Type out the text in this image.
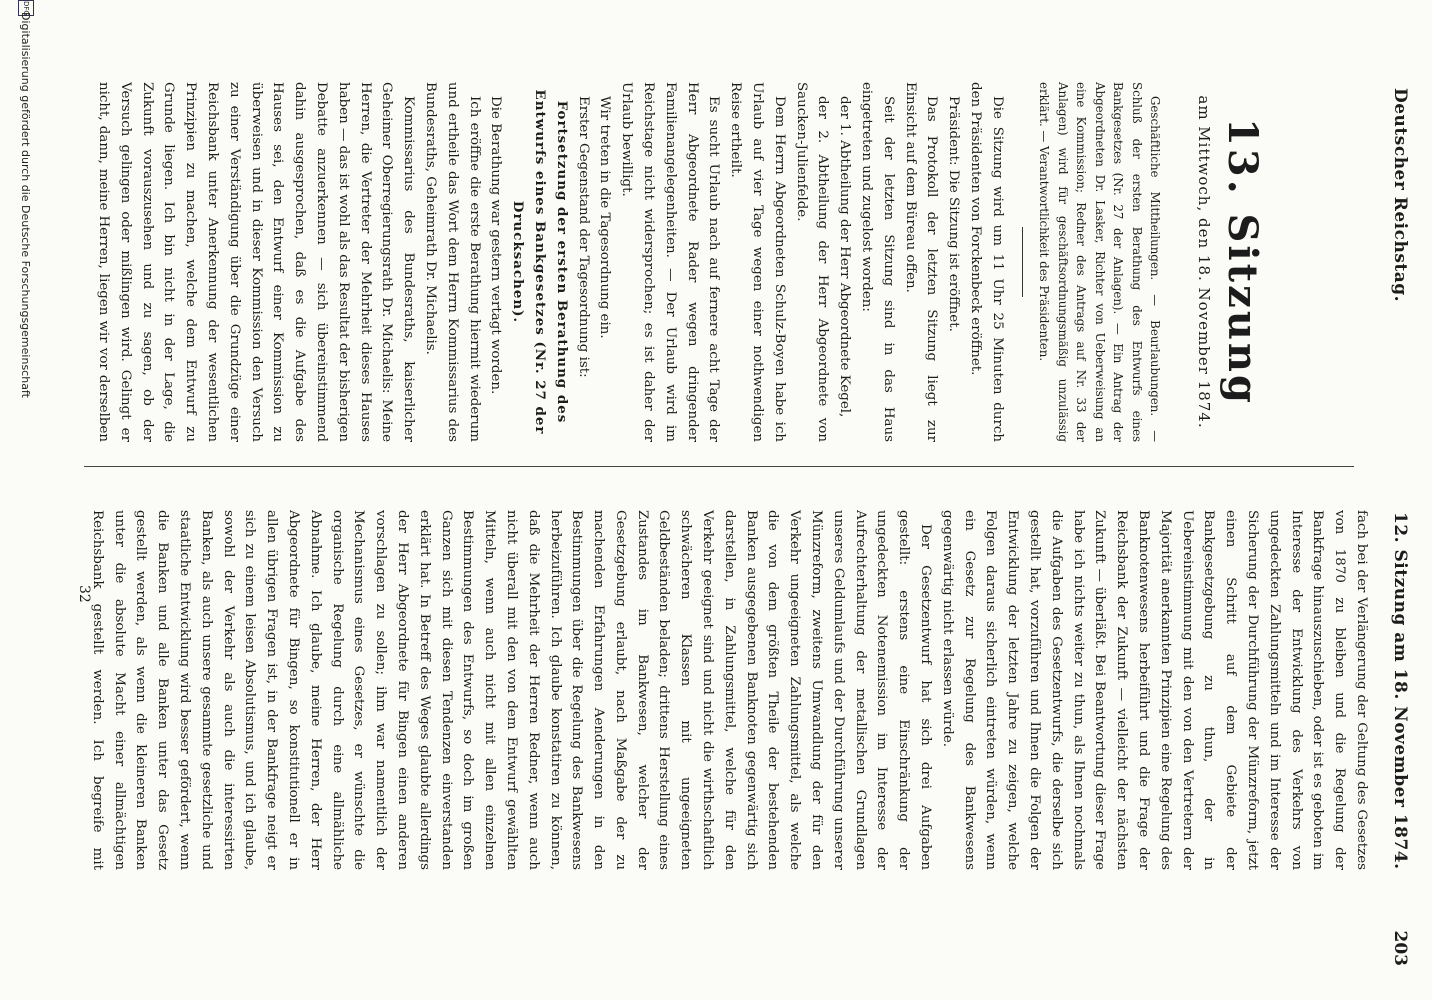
Deutscher Reichstag.
12. Sitzung am 18. November 1874.
203
13. Sitzung
am Mittwoch, den 18. November 1874.

Geschäftliche Mittheilungen. — Beurlaubungen. — Schluß der ersten Berathung des Entwurfs eines Bankgesetzes (Nr. 27 der Anlagen). — Ein Antrag der Abgeordneten Dr. Lasker, Richter von Ueberweisung an eine Kommission; Redner des Antrags auf Nr. 33 der Anlagen) wird für geschäftsordnungsmäßig unzulässig erklärt. — Verantwortlichkeit des Präsidenten.

Die Sitzung wird um 11 Uhr 25 Minuten durch den Präsidenten von Forckenbeck eröffnet.

Präsident: Die Sitzung ist eröffnet.

Das Protokoll der letzten Sitzung liegt zur Einsicht auf dem Büreau offen.

Seit der letzten Sitzung sind in das Haus eingetreten und zugelost worden:

der 1. Abtheilung der Herr Abgeordnete Kegel,

der 2. Abtheilung der Herr Abgeordnete von Saucken-Julienfelde.

Dem Herrn Abgeordneten Schulz-Boyen habe ich Urlaub auf vier Tage wegen einer nothwendigen Reise ertheilt.

Es sucht Urlaub nach auf fernere acht Tage der Herr Abgeordnete Rader wegen dringender Familienangelegenheiten. — Der Urlaub wird im Reichstage nicht widersprochen; es ist daher der Urlaub bewilligt.

Wir treten in die Tagesordnung ein.

Erster Gegenstand der Tagesordnung ist:

Fortsetzung der ersten Berathung des Entwurfs eines Bankgesetzes (Nr. 27 der Drucksachen).

Die Berathung war gestern vertagt worden.

Ich eröffne die erste Berathung hiermit wiederum und ertheile das Wort dem Herrn Kommissarius des Bundesraths, Geheimrath Dr. Michaelis.

Kommissarius des Bundesraths, kaiserlicher Geheimer Oberregierungsrath Dr. Michaelis: Meine Herren, die Vertreter der Mehrheit dieses Hauses haben — das ist wohl als das Resultat der bisherigen Debatte anzuerkennen — sich übereinstimmend dahin ausgesprochen, daß es die Aufgabe des Hauses sei, den Entwurf einer Kommission zu überweisen und in dieser Kommission den Versuch zu einer Verständigung über die Grundzüge einer Reichsbank unter Anerkennung der wesentlichen Prinzipien zu machen, welche dem Entwurf zu Grunde liegen. Ich bin nicht in der Lage, die Zukunft vorauszusehen und zu sagen, ob der Versuch gelingen oder mißlingen wird. Gelingt er nicht, dann, meine Herren, liegen wir vor derselben

fach bei der Verlängerung der Geltung des Gesetzes von 1870 zu bleiben und die Regelung der Bankfrage hinauszuschieben, oder ist es geboten im Interesse der Entwicklung des Verkehrs von ungedeckten Zahlungsmitteln und im Interesse der Sicherung der Durchführung der Münzreform, jetzt einen Schritt auf dem Gebiete der Bankgesetzgebung zu thun, der in Uebereinstimmung mit den von den Vertretern der Majorität anerkannten Prinzipien eine Regelung des Banknotenwesens herbeiführt und die Frage der Reichsbank der Zukunft — vielleicht der nächsten Zukunft — überläßt. Bei Beantwortung dieser Frage habe ich nichts weiter zu thun, als Ihnen nochmals die Aufgaben des Gesetzentwurfs, die derselbe sich gestellt hat, vorzuführen und Ihnen die Folgen der Entwicklung der letzten Jahre zu zeigen, welche Folgen daraus sicherlich eintreten würden, wenn ein Gesetz zur Regelung des Bankwesens gegenwärtig nicht erlassen würde.

Der Gesetzentwurf hat sich drei Aufgaben gestellt: erstens eine Einschränkung der ungedeckten Notenemission im Interesse der Aufrechterhaltung der metallischen Grundlagen unseres Geldumlaufs und der Durchführung unserer Münzreform, zweitens Umwandlung der für den Verkehr ungeeigneten Zahlungsmittel, als welche die von dem größten Theile der bestehenden Banken ausgegebenen Banknoten gegenwärtig sich darstellen, in Zahlungsmittel, welche für den Verkehr geeignet sind und nicht die wirthschaftlich schwächeren Klassen mit ungeeigneten Geldbeständen beladen; drittens Herstellung eines Zustandes im Bankwesen, welcher der Gesetzgebung erlaubt, nach Maßgabe der zu machenden Erfahrungen Aenderungen in den Bestimmungen über die Regelung des Bankwesens herbeizuführen. Ich glaube konstatiren zu können, daß die Mehrheit der Herren Redner, wenn auch nicht überall mit den von dem Entwurf gewählten Mitteln, wenn auch nicht mit allen einzelnen Bestimmungen des Entwurfs, so doch im großen Ganzen sich mit diesen Tendenzen einverstanden erklärt hat. In Betreff des Weges glaubte allerdings der Herr Abgeordnete für Bingen einen anderen vorschlagen zu sollen; ihm war namentlich der Mechanismus eines Gesetzes, er wünschte die organische Regelung durch eine allmähliche Abnahme. Ich glaube, meine Herren, der Herr Abgeordnete für Bingen, so konstitutionell er in allen übrigen Fragen ist, in der Bankfrage neigt er sich zu einem leisen Absolutismus, und ich glaube, sowohl der Verkehr als auch die interessirten Banken, als auch unsere gesammte gesetzliche und staatliche Entwicklung wird besser gefördert, wenn die Banken und alle Banken unter das Gesetz gestellt werden, als wenn die kleineren Banken unter die absolute Macht einer allmächtigen Reichsbank gestellt werden. Ich begreife mit

32
DFG
Digitalisierung gefördert durch die Deutsche Forschungsgemeinschaft
